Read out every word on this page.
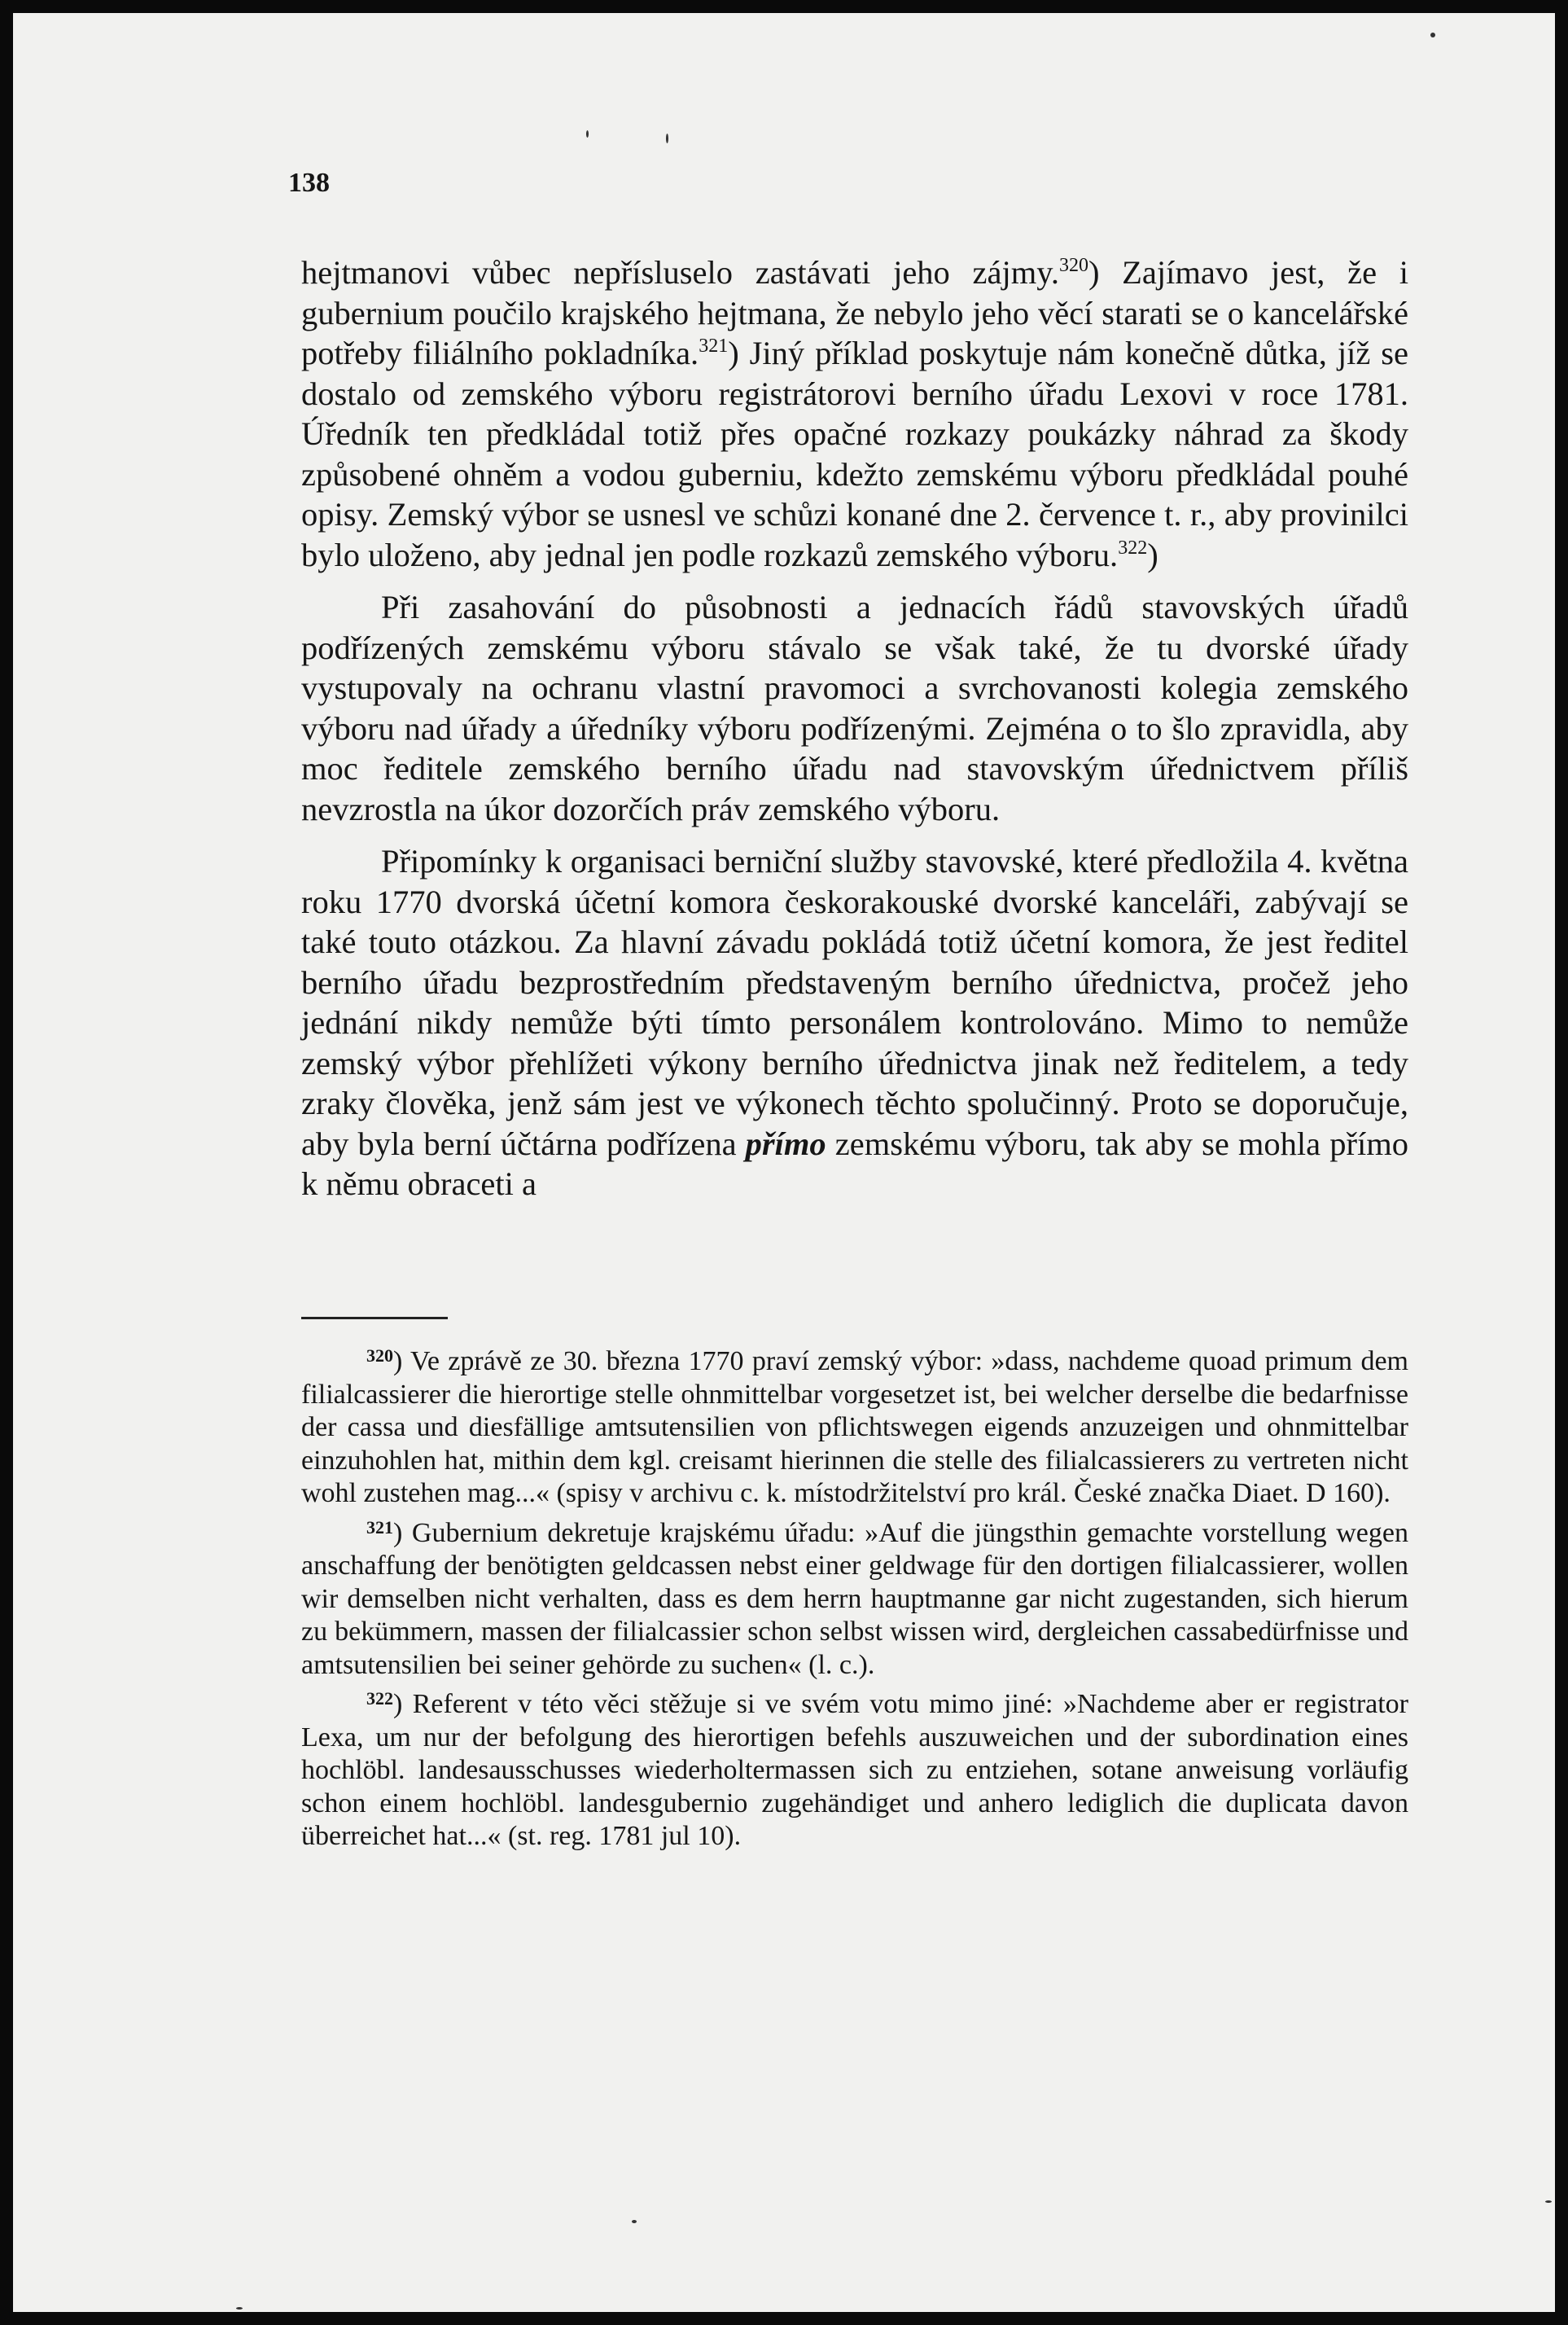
138

hejtmanovi vůbec nepřísluselo zastávati jeho zájmy.$^{320}$) Zajímavo jest, že i gubernium poučilo krajského hejtmana, že nebylo jeho věcí starati se o kancelářské potřeby filiálního pokladníka.$^{321}$) Jiný příklad poskytuje nám konečně důtka, jíž se dostalo od zemského výboru registrátorovi berního úřadu Lexovi v roce 1781. Úředník ten předkládal totiž přes opačné rozkazy poukázky náhrad za škody způsobené ohněm a vodou guberniu, kdežto zemskému výboru předkládal pouhé opisy. Zemský výbor se usnesl ve schůzi konané dne 2. července t. r., aby provinilci bylo uloženo, aby jednal jen podle rozkazů zemského výboru.$^{322}$)

Při zasahování do působnosti a jednacích řádů stavovských úřadů podřízených zemskému výboru stávalo se však také, že tu dvorské úřady vystupovaly na ochranu vlastní pravomoci a svrchovanosti kolegia zemského výboru nad úřady a úředníky výboru podřízenými. Zejména o to šlo zpravidla, aby moc ředitele zemského berního úřadu nad stavovským úřednictvem příliš nevzrostla na úkor dozorčích práv zemského výboru.

Připomínky k organisaci berniční služby stavovské, které předložila 4. května roku 1770 dvorská účetní komora českorakouské dvorské kanceláři, zabývají se také touto otázkou. Za hlavní závadu pokládá totiž účetní komora, že jest ředitel berního úřadu bezprostředním představeným berního úřednictva, pročež jeho jednání nikdy nemůže býti tímto personálem kontrolováno. Mimo to nemůže zemský výbor přehlížeti výkony berního úřednictva jinak než ředitelem, a tedy zraky člověka, jenž sám jest ve výkonech těchto spolučinný. Proto se doporučuje, aby byla berní účtárna podřízena přímo zemskému výboru, tak aby se mohla přímo k němu obraceti a

$^{320}$) Ve zprávě ze 30. března 1770 praví zemský výbor: »dass, nachdeme quoad primum dem filialcassierer die hierortige stelle ohnmittelbar vorgesetzet ist, bei welcher derselbe die bedarfnisse der cassa und diesfällige amtsutensilien von pflichtswegen eigends anzuzeigen und ohnmittelbar einzuhohlen hat, mithin dem kgl. creisamt hierinnen die stelle des filialcassierers zu vertreten nicht wohl zustehen mag...« (spisy v archivu c. k. místodržitelství pro král. České značka Diaet. D 160).

$^{321}$) Gubernium dekretuje krajskému úřadu: »Auf die jüngsthin gemachte vorstellung wegen anschaffung der benötigten geldcassen nebst einer geldwage für den dortigen filialcassierer, wollen wir demselben nicht verhalten, dass es dem herrn hauptmanne gar nicht zugestanden, sich hierum zu bekümmern, massen der filialcassier schon selbst wissen wird, dergleichen cassabedürfnisse und amtsutensilien bei seiner gehörde zu suchen« (l. c.).

$^{322}$) Referent v této věci stěžuje si ve svém votu mimo jiné: »Nachdeme aber er registrator Lexa, um nur der befolgung des hierortigen befehls auszuweichen und der subordination eines hochlöbl. landesausschusses wiederholtermassen sich zu entziehen, sotane anweisung vorläufig schon einem hochlöbl. landesgubernio zugehändiget und anhero lediglich die duplicata davon überreichet hat...« (st. reg. 1781 jul 10).
